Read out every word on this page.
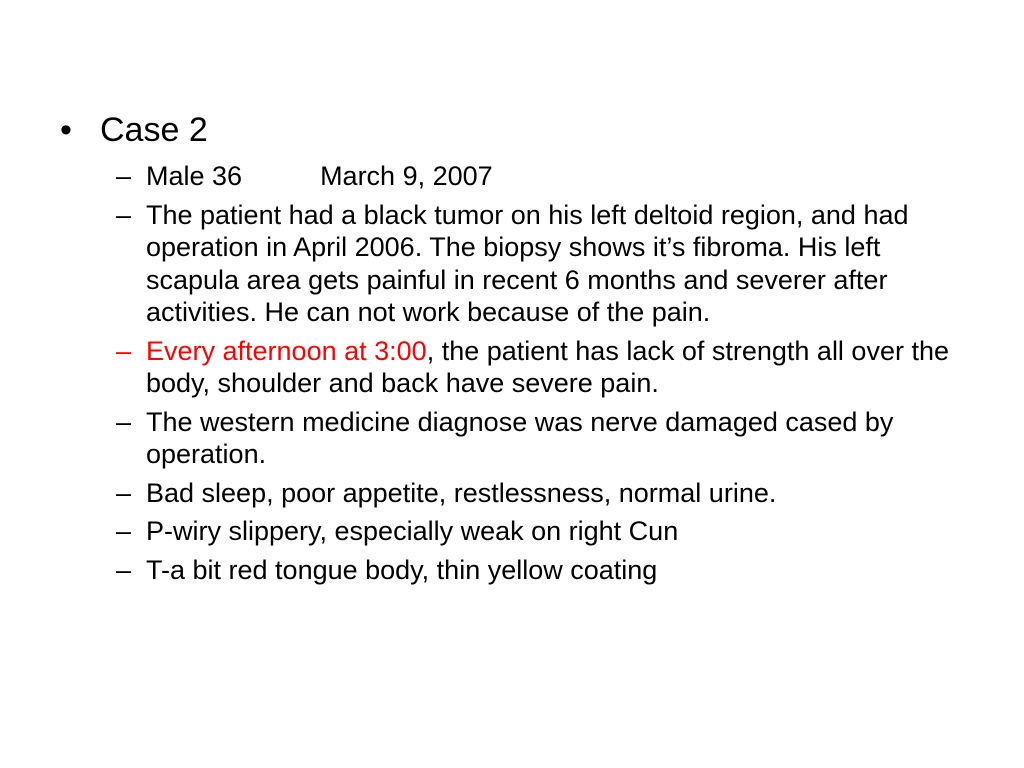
• Case 2
– Male 36	March 9, 2007
– The patient had a black tumor on his left deltoid region, and had operation in April 2006. The biopsy shows it’s fibroma. His left scapula area gets painful in recent 6 months and severer after activities. He can not work because of the pain.
– Every afternoon at 3:00, the patient has lack of strength all over the body, shoulder and back have severe pain.
– The western medicine diagnose was nerve damaged cased by operation.
– Bad sleep, poor appetite, restlessness, normal urine.
– P-wiry slippery, especially weak on right Cun
– T-a bit red tongue body, thin yellow coating
